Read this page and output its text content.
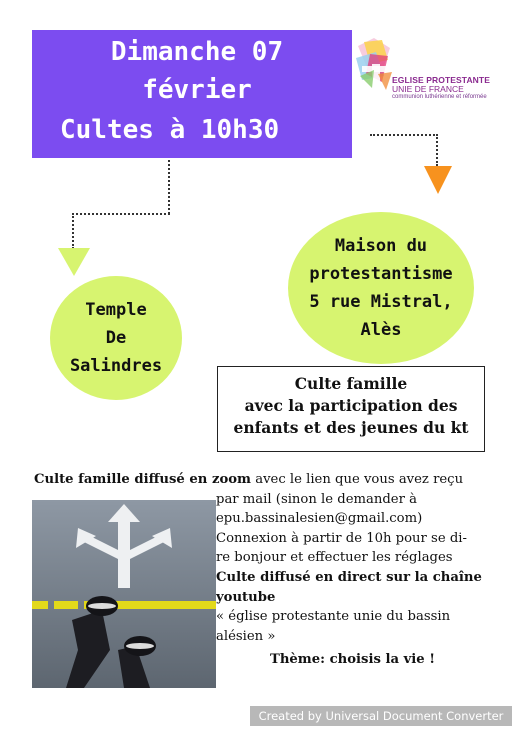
Dimanche 07
février
Cultes à 10h30
EGLISE PROTESTANTE
UNIE DE FRANCE
communion luthérienne et réformée
Temple
De
Salindres
Maison du
protestantisme
5 rue Mistral,
Alès
Culte famille
avec la participation des
enfants et des jeunes du kt
Culte famille diffusé en zoom avec le lien que vous avez reçu
par mail (sinon le demander à
epu.bassinalesien@gmail.com)
Connexion à partir de 10h pour se di-
re bonjour et effectuer les réglages
Culte diffusé en direct sur la chaîne
youtube
« église protestante unie du bassin
alésien »
Thème: choisis la vie !
Created by Universal Document Converter
